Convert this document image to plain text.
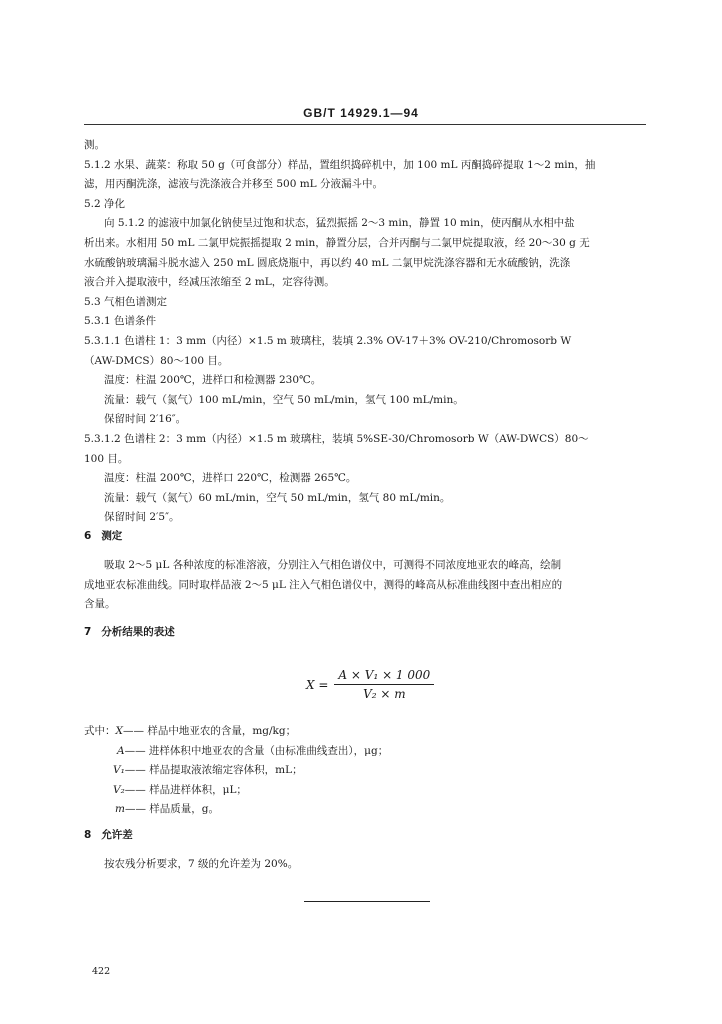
GB/T 14929.1—94
测。
5.1.2 水果、蔬菜：称取 50 g（可食部分）样品，置组织捣碎机中，加 100 mL 丙酮捣碎提取 1～2 min，抽
滤，用丙酮洗涤，滤液与洗涤液合并移至 500 mL 分液漏斗中。
5.2 净化
向 5.1.2 的滤液中加氯化钠使呈过饱和状态，猛烈振摇 2～3 min，静置 10 min，使丙酮从水相中盐
析出来。水相用 50 mL 二氯甲烷振摇提取 2 min，静置分层，合并丙酮与二氯甲烷提取液，经 20～30 g 无
水硫酸钠玻璃漏斗脱水滤入 250 mL 圆底烧瓶中，再以约 40 mL 二氯甲烷洗涤容器和无水硫酸钠，洗涤
液合并入提取液中，经减压浓缩至 2 mL，定容待测。
5.3 气相色谱测定
5.3.1 色谱条件
5.3.1.1 色谱柱 1：3 mm（内径）×1.5 m 玻璃柱，装填 2.3% OV-17＋3% OV-210/Chromosorb W
（AW-DMCS）80～100 目。
温度：柱温 200℃，进样口和检测器 230℃。
流量：载气（氮气）100 mL/min，空气 50 mL/min，氢气 100 mL/min。
保留时间 2′16″。
5.3.1.2 色谱柱 2：3 mm（内径）×1.5 m 玻璃柱，装填 5%SE-30/Chromosorb W（AW-DWCS）80～
100 目。
温度：柱温 200℃，进样口 220℃，检测器 265℃。
流量：载气（氮气）60 mL/min，空气 50 mL/min，氢气 80 mL/min。
保留时间 2′5″。
6 测定
吸取 2～5 μL 各种浓度的标准溶液，分别注入气相色谱仪中，可测得不同浓度地亚农的峰高，绘制
成地亚农标准曲线。同时取样品液 2～5 μL 注入气相色谱仪中，测得的峰高从标准曲线图中查出相应的
含量。
7 分析结果的表述
$X = \frac{\text{A × V₁ × 1 000}}{\text{V₂ × m}}$
式中：X—— 样品中地亚农的含量，mg/kg；
A—— 进样体积中地亚农的含量（由标准曲线查出），μg；
V₁—— 样品提取液浓缩定容体积，mL；
V₂—— 样品进样体积，μL；
m—— 样品质量，g。
8 允许差
按农残分析要求，7 级的允许差为 20%。
422
